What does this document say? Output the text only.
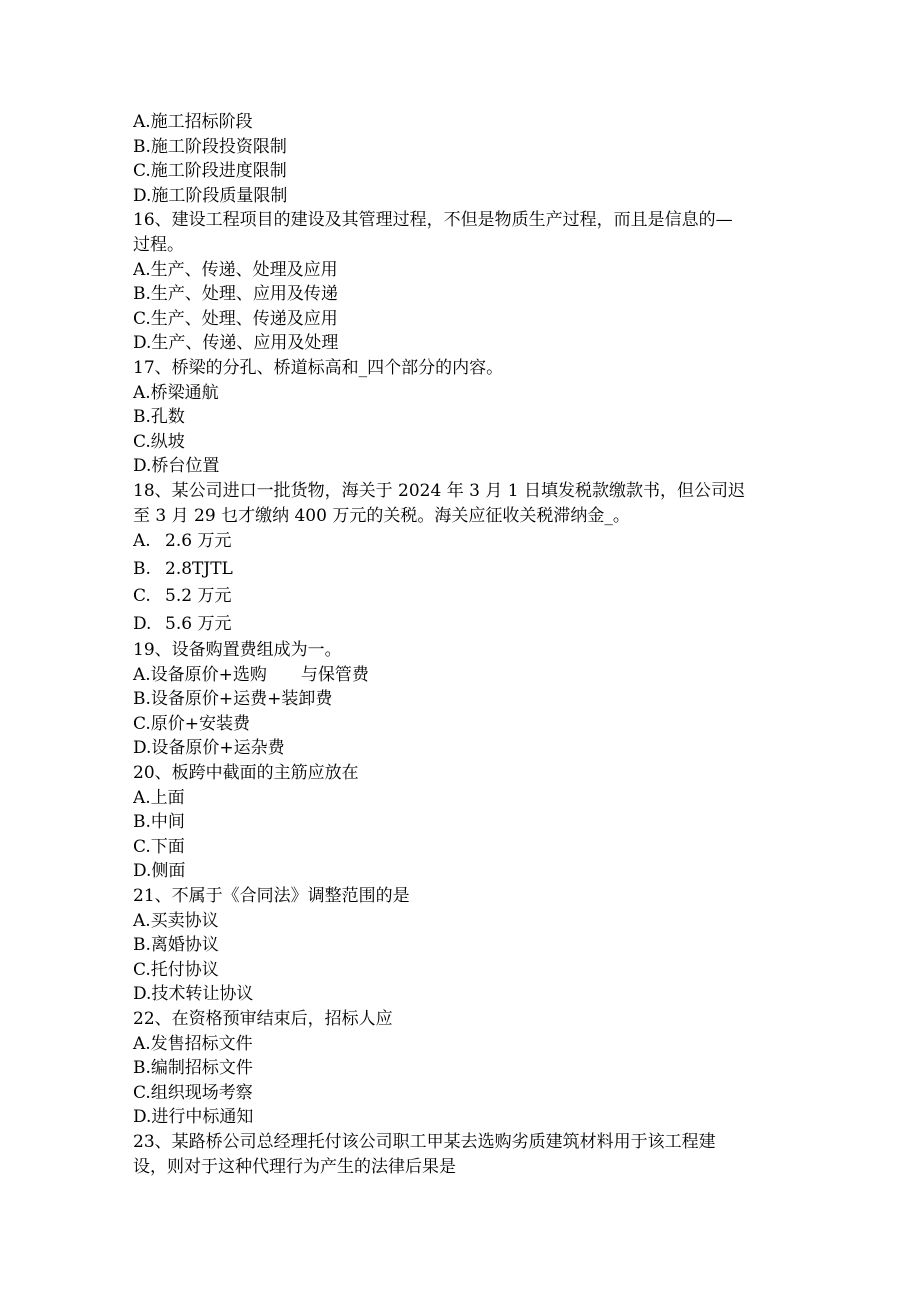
A.施工招标阶段
B.施工阶段投资限制
C.施工阶段进度限制
D.施工阶段质量限制
16、建设工程项目的建设及其管理过程，不但是物质生产过程，而且是信息的—
过程。
A.生产、传递、处理及应用
B.生产、处理、应用及传递
C.生产、处理、传递及应用
D.生产、传递、应用及处理
17、桥梁的分孔、桥道标高和_四个部分的内容。
A.桥梁通航
B.孔数
C.纵坡
D.桥台位置
18、某公司进口一批货物，海关于 2024 年 3 月 1 日填发税款缴款书，但公司迟
至 3 月 29 乜才缴纳 400 万元的关税。海关应征收关税滞纳金_。
A. 2.6 万元
B. 2.8TJTL
C. 5.2 万元
D. 5.6 万元
19、设备购置费组成为一。
A.设备原价+选购　　与保管费
B.设备原价+运费+装卸费
C.原价+安装费
D.设备原价+运杂费
20、板跨中截面的主筋应放在
A.上面
B.中间
C.下面
D.侧面
21、不属于《合同法》调整范围的是
A.买卖协议
B.离婚协议
C.托付协议
D.技术转让协议
22、在资格预审结束后，招标人应
A.发售招标文件
B.编制招标文件
C.组织现场考察
D.进行中标通知
23、某路桥公司总经理托付该公司职工甲某去选购劣质建筑材料用于该工程建
设，则对于这种代理行为产生的法律后果是
